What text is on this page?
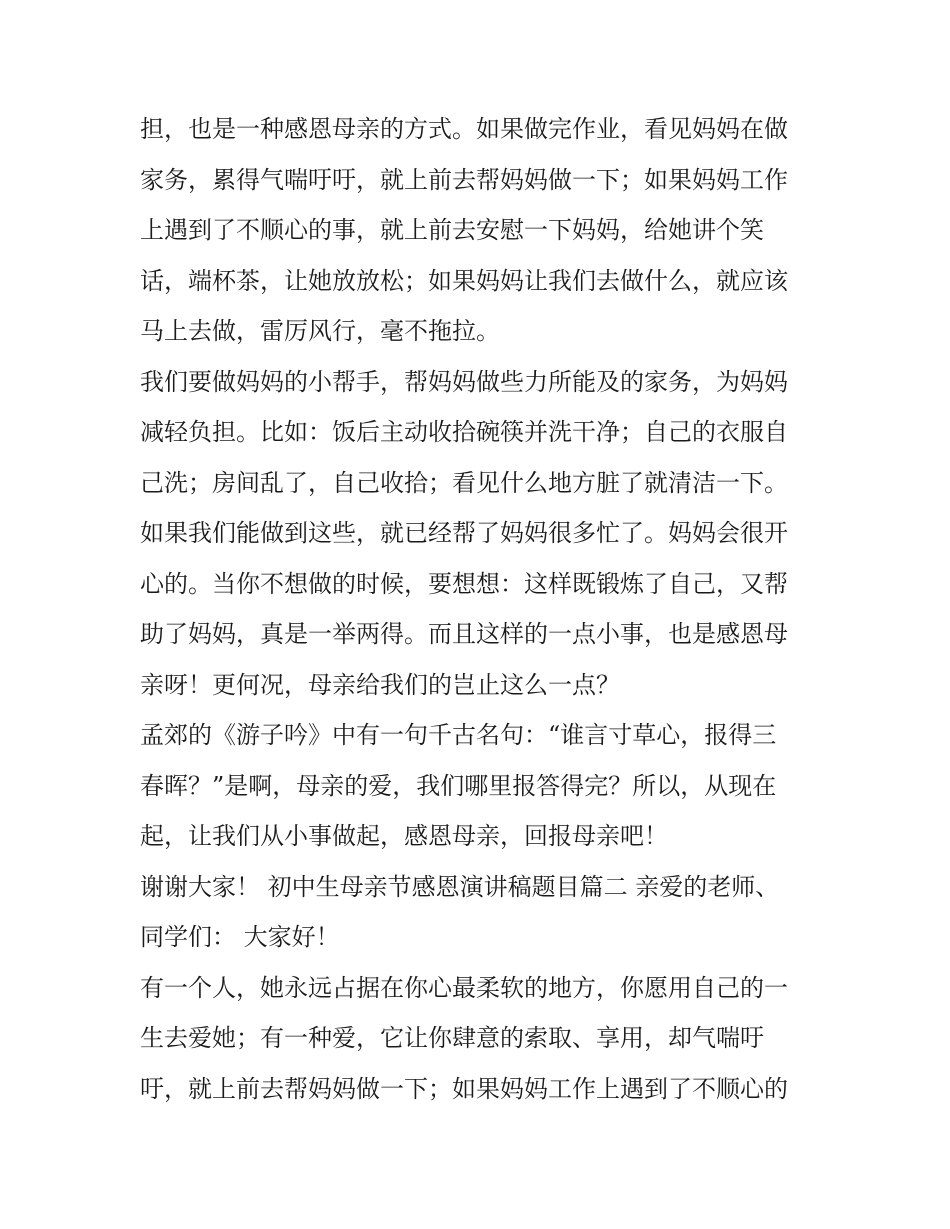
担，也是一种感恩母亲的方式。如果做完作业，看见妈妈在做
家务，累得气喘吁吁，就上前去帮妈妈做一下；如果妈妈工作
上遇到了不顺心的事，就上前去安慰一下妈妈，给她讲个笑
话，端杯茶，让她放放松；如果妈妈让我们去做什么，就应该
马上去做，雷厉风行，毫不拖拉。
我们要做妈妈的小帮手，帮妈妈做些力所能及的家务，为妈妈
减轻负担。比如：饭后主动收拾碗筷并洗干净；自己的衣服自
己洗；房间乱了，自己收拾；看见什么地方脏了就清洁一下。
如果我们能做到这些，就已经帮了妈妈很多忙了。妈妈会很开
心的。当你不想做的时候，要想想：这样既锻炼了自己，又帮
助了妈妈，真是一举两得。而且这样的一点小事，也是感恩母
亲呀！更何况，母亲给我们的岂止这么一点？
孟郊的《游子吟》中有一句千古名句：“谁言寸草心，报得三
春晖？”是啊，母亲的爱，我们哪里报答得完？所以，从现在
起，让我们从小事做起，感恩母亲，回报母亲吧！
谢谢大家！ 初中生母亲节感恩演讲稿题目篇二 亲爱的老师、
同学们： 大家好！
有一个人，她永远占据在你心最柔软的地方，你愿用自己的一
生去爱她；有一种爱，它让你肆意的索取、享用，却气喘吁
吁，就上前去帮妈妈做一下；如果妈妈工作上遇到了不顺心的
